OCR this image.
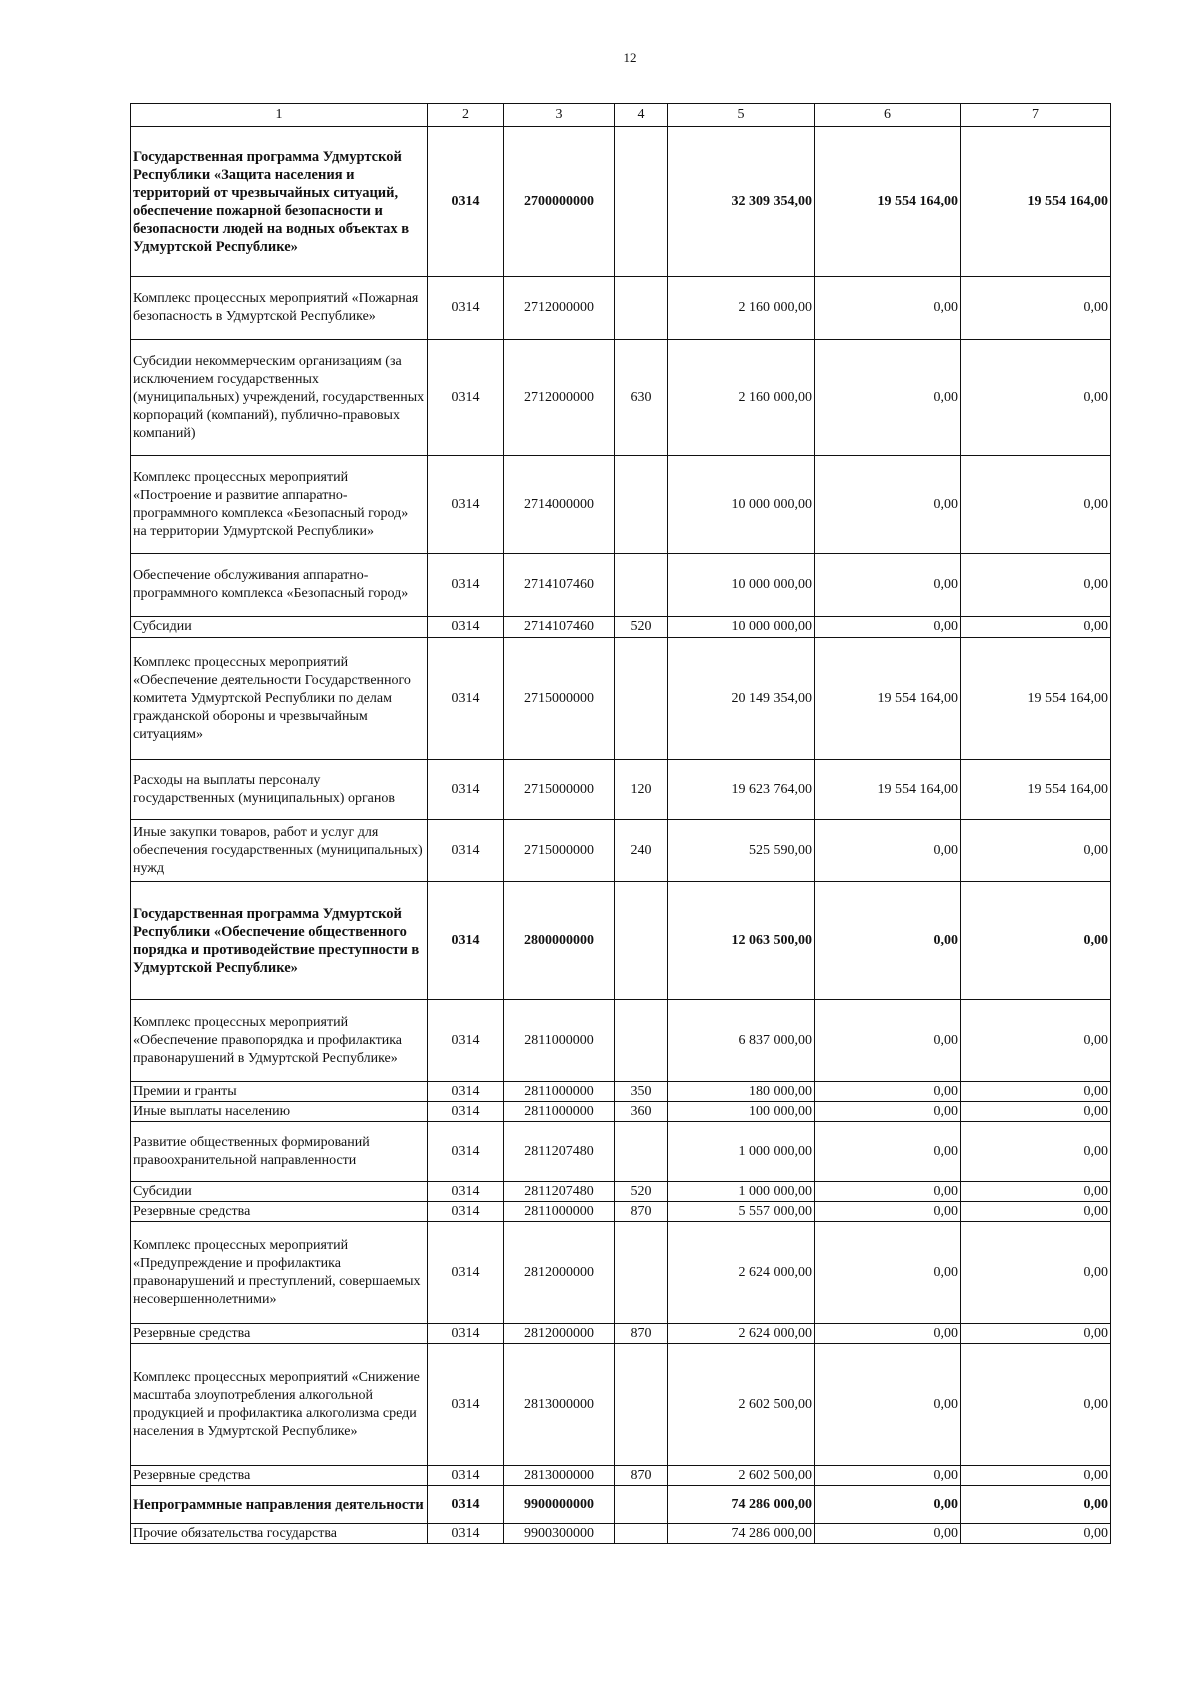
12
1	2	3	4	5	6	7
Государственная программа Удмуртской Республики «Защита населения и территорий от чрезвычайных ситуаций, обеспечение пожарной безопасности и безопасности людей на водных объектах в Удмуртской Республике»	0314	2700000000		32 309 354,00	19 554 164,00	19 554 164,00
Комплекс процессных мероприятий «Пожарная безопасность в Удмуртской Республике»	0314	2712000000		2 160 000,00	0,00	0,00
Субсидии некоммерческим организациям (за исключением государственных (муниципальных) учреждений, государственных корпораций (компаний), публично-правовых компаний)	0314	2712000000	630	2 160 000,00	0,00	0,00
Комплекс процессных мероприятий «Построение и развитие аппаратно-программного комплекса «Безопасный город» на территории Удмуртской Республики»	0314	2714000000		10 000 000,00	0,00	0,00
Обеспечение обслуживания аппаратно-программного комплекса «Безопасный город»	0314	2714107460		10 000 000,00	0,00	0,00
Субсидии	0314	2714107460	520	10 000 000,00	0,00	0,00
Комплекс процессных мероприятий «Обеспечение деятельности Государственного комитета Удмуртской Республики по делам гражданской обороны и чрезвычайным ситуациям»	0314	2715000000		20 149 354,00	19 554 164,00	19 554 164,00
Расходы на выплаты персоналу государственных (муниципальных) органов	0314	2715000000	120	19 623 764,00	19 554 164,00	19 554 164,00
Иные закупки товаров, работ и услуг для обеспечения государственных (муниципальных) нужд	0314	2715000000	240	525 590,00	0,00	0,00
Государственная программа Удмуртской Республики «Обеспечение общественного порядка и противодействие преступности в Удмуртской Республике»	0314	2800000000		12 063 500,00	0,00	0,00
Комплекс процессных мероприятий «Обеспечение правопорядка и профилактика правонарушений в Удмуртской Республике»	0314	2811000000		6 837 000,00	0,00	0,00
Премии и гранты	0314	2811000000	350	180 000,00	0,00	0,00
Иные выплаты населению	0314	2811000000	360	100 000,00	0,00	0,00
Развитие общественных формирований правоохранительной направленности	0314	2811207480		1 000 000,00	0,00	0,00
Субсидии	0314	2811207480	520	1 000 000,00	0,00	0,00
Резервные средства	0314	2811000000	870	5 557 000,00	0,00	0,00
Комплекс процессных мероприятий «Предупреждение и профилактика правонарушений и преступлений, совершаемых несовершеннолетними»	0314	2812000000		2 624 000,00	0,00	0,00
Резервные средства	0314	2812000000	870	2 624 000,00	0,00	0,00
Комплекс процессных мероприятий «Снижение масштаба злоупотребления алкогольной продукцией и профилактика алкоголизма среди населения в Удмуртской Республике»	0314	2813000000		2 602 500,00	0,00	0,00
Резервные средства	0314	2813000000	870	2 602 500,00	0,00	0,00
Непрограммные направления деятельности	0314	9900000000		74 286 000,00	0,00	0,00
Прочие обязательства государства	0314	9900300000		74 286 000,00	0,00	0,00
